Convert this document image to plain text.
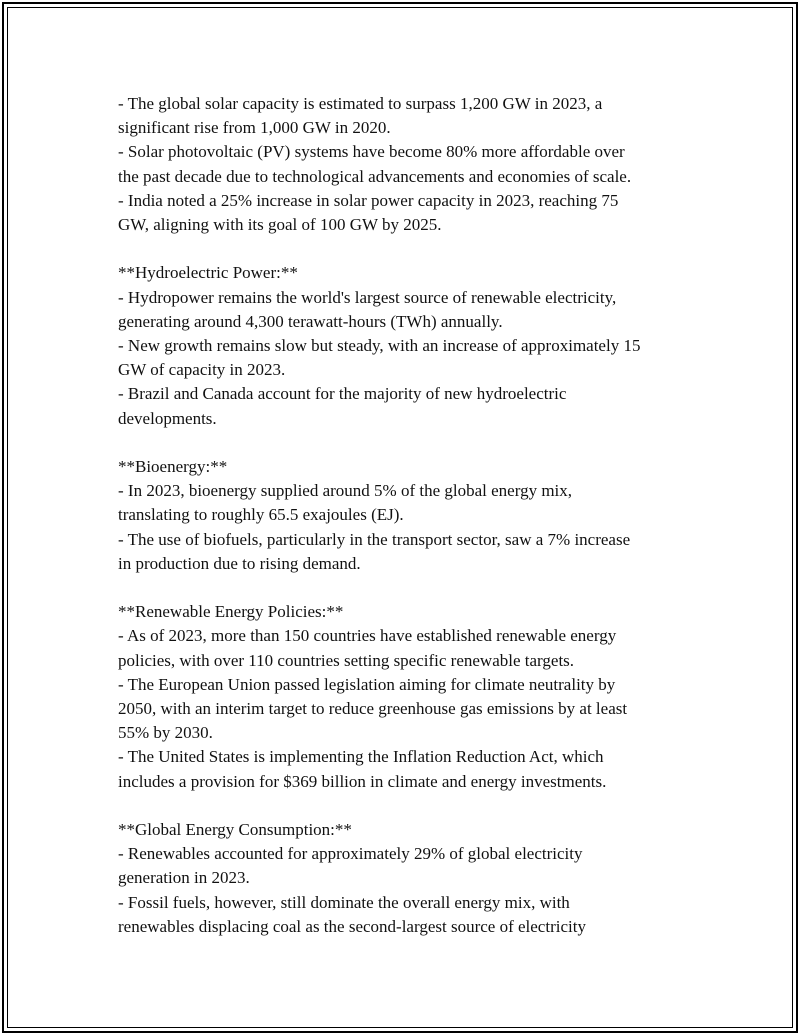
- The global solar capacity is estimated to surpass 1,200 GW in 2023, a
significant rise from 1,000 GW in 2020.
- Solar photovoltaic (PV) systems have become 80% more affordable over
the past decade due to technological advancements and economies of scale.
- India noted a 25% increase in solar power capacity in 2023, reaching 75
GW, aligning with its goal of 100 GW by 2025.
**Hydroelectric Power:**
- Hydropower remains the world's largest source of renewable electricity,
generating around 4,300 terawatt-hours (TWh) annually.
- New growth remains slow but steady, with an increase of approximately 15
GW of capacity in 2023.
- Brazil and Canada account for the majority of new hydroelectric
developments.
**Bioenergy:**
- In 2023, bioenergy supplied around 5% of the global energy mix,
translating to roughly 65.5 exajoules (EJ).
- The use of biofuels, particularly in the transport sector, saw a 7% increase
in production due to rising demand.
**Renewable Energy Policies:**
- As of 2023, more than 150 countries have established renewable energy
policies, with over 110 countries setting specific renewable targets.
- The European Union passed legislation aiming for climate neutrality by
2050, with an interim target to reduce greenhouse gas emissions by at least
55% by 2030.
- The United States is implementing the Inflation Reduction Act, which
includes a provision for $369 billion in climate and energy investments.
**Global Energy Consumption:**
- Renewables accounted for approximately 29% of global electricity
generation in 2023.
- Fossil fuels, however, still dominate the overall energy mix, with
renewables displacing coal as the second-largest source of electricity
